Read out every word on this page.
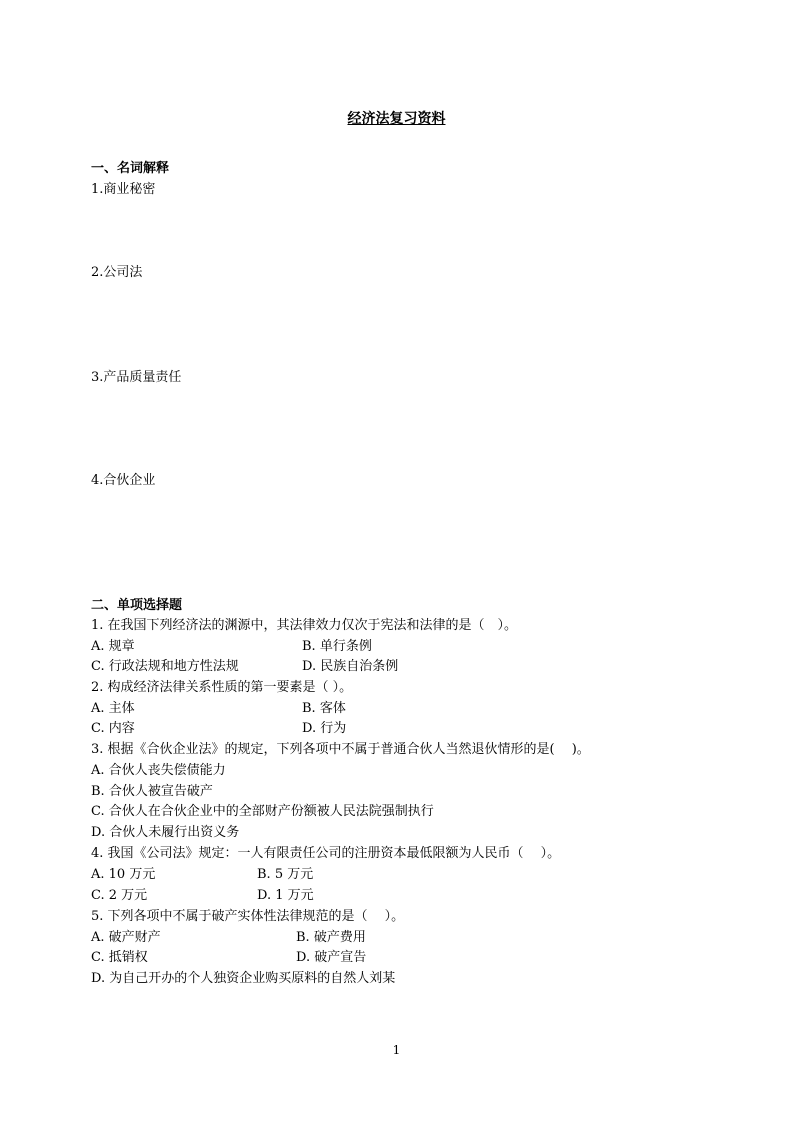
经济法复习资料
一、名词解释
1.商业秘密
2.公司法
3.产品质量责任
4.合伙企业
二、单项选择题
1. 在我国下列经济法的渊源中，其法律效力仅次于宪法和法律的是（　）。
A. 规章	B. 单行条例
C. 行政法规和地方性法规	D. 民族自治条例
2. 构成经济法律关系性质的第一要素是（ ）。
A. 主体	B. 客体
C. 内容	D. 行为
3. 根据《合伙企业法》的规定，下列各项中不属于普通合伙人当然退伙情形的是(　 )。
A. 合伙人丧失偿债能力
B. 合伙人被宣告破产
C. 合伙人在合伙企业中的全部财产份额被人民法院强制执行
D. 合伙人未履行出资义务
4. 我国《公司法》规定：一人有限责任公司的注册资本最低限额为人民币（　 ）。
A. 10 万元	B. 5 万元
C. 2 万元	D. 1 万元
5. 下列各项中不属于破产实体性法律规范的是（　 ）。
A. 破产财产	B. 破产费用
C. 抵销权	D. 破产宣告
D. 为自己开办的个人独资企业购买原料的自然人刘某
1
